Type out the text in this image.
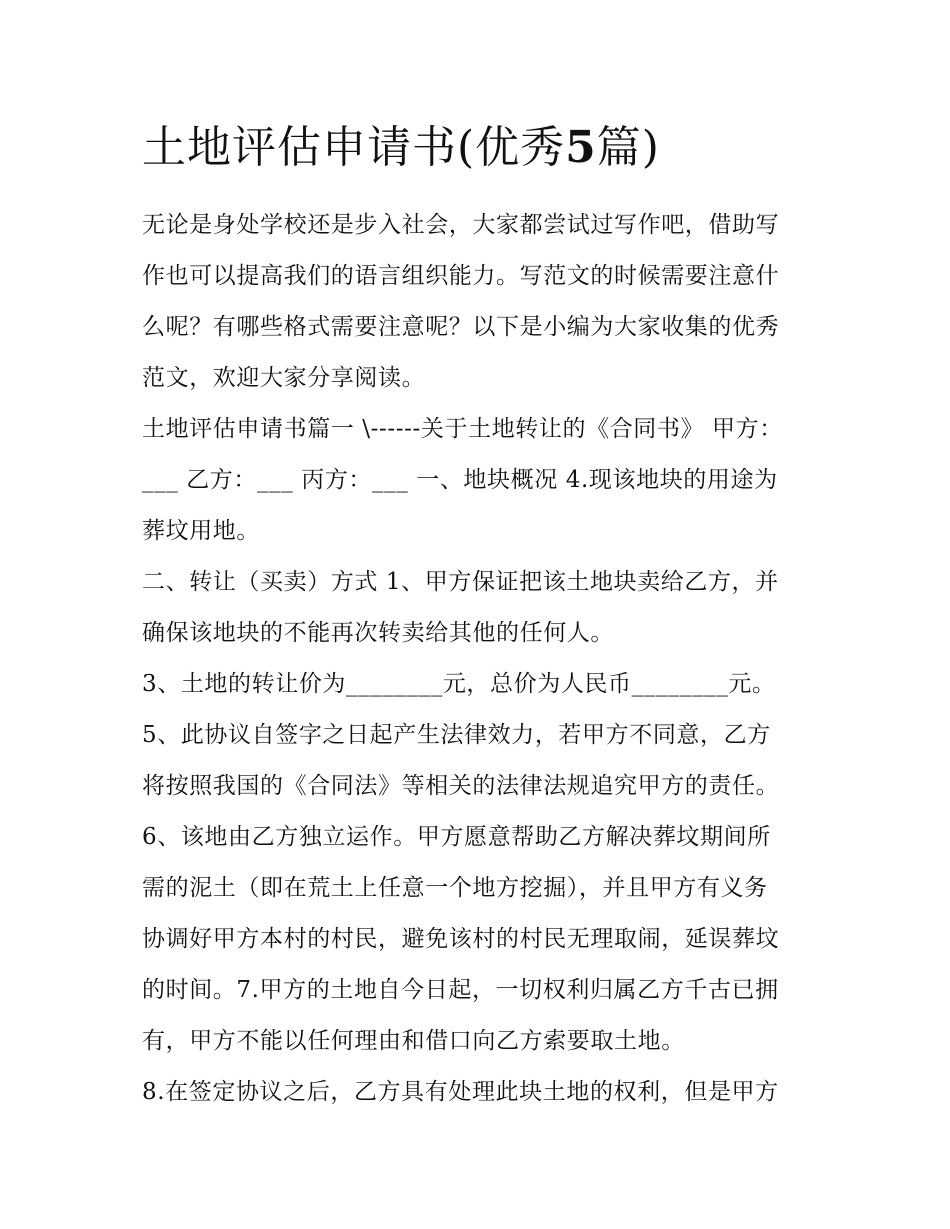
土地评估申请书(优秀5篇)

无论是身处学校还是步入社会，大家都尝试过写作吧，借助写
作也可以提高我们的语言组织能力。写范文的时候需要注意什
么呢？有哪些格式需要注意呢？以下是小编为大家收集的优秀
范文，欢迎大家分享阅读。

土地评估申请书篇一 \------关于土地转让的《合同书》 甲方：
___ 乙方：___ 丙方：___ 一、地块概况 4.现该地块的用途为
葬坟用地。

二、转让（买卖）方式 1、甲方保证把该土地块卖给乙方，并
确保该地块的不能再次转卖给其他的任何人。

3、土地的转让价为________元，总价为人民币________元。

5、此协议自签字之日起产生法律效力，若甲方不同意，乙方
将按照我国的《合同法》等相关的法律法规追究甲方的责任。

6、该地由乙方独立运作。甲方愿意帮助乙方解决葬坟期间所
需的泥土（即在荒土上任意一个地方挖掘），并且甲方有义务
协调好甲方本村的村民，避免该村的村民无理取闹，延误葬坟
的时间。7.甲方的土地自今日起，一切权利归属乙方千古已拥
有，甲方不能以任何理由和借口向乙方索要取土地。

8.在签定协议之后，乙方具有处理此块土地的权利，但是甲方
